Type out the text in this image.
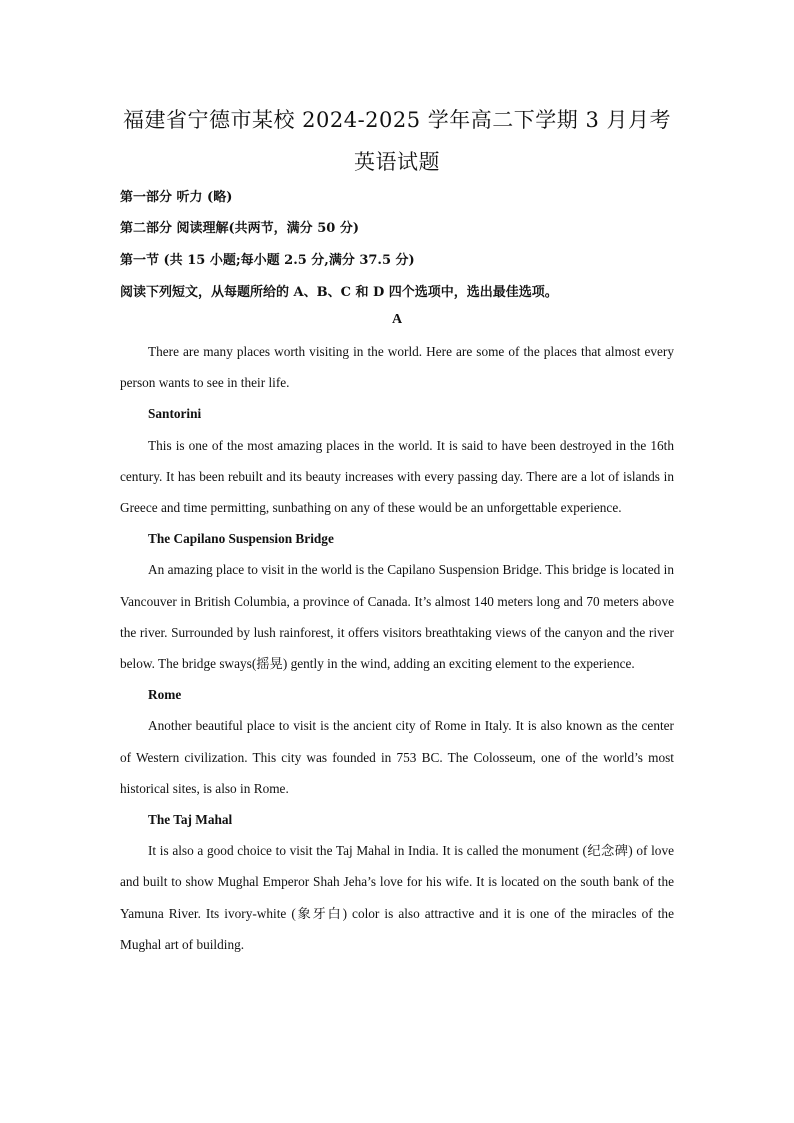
福建省宁德市某校 2024-2025 学年高二下学期 3 月月考
英语试题
第一部分 听力 (略)
第二部分 阅读理解(共两节，满分 50 分)
第一节 (共 15 小题;每小题 2.5 分,满分 37.5 分)
阅读下列短文，从每题所给的 A、B、C 和 D 四个选项中，选出最佳选项。
A

There are many places worth visiting in the world. Here are some of the places that almost every person wants to see in their life.

Santorini

This is one of the most amazing places in the world. It is said to have been destroyed in the 16th century. It has been rebuilt and its beauty increases with every passing day. There are a lot of islands in Greece and time permitting, sunbathing on any of these would be an unforgettable experience.

The Capilano Suspension Bridge

An amazing place to visit in the world is the Capilano Suspension Bridge. This bridge is located in Vancouver in British Columbia, a province of Canada. It’s almost 140 meters long and 70 meters above the river. Surrounded by lush rainforest, it offers visitors breathtaking views of the canyon and the river below. The bridge sways(摇晃) gently in the wind, adding an exciting element to the experience.

Rome

Another beautiful place to visit is the ancient city of Rome in Italy. It is also known as the center of Western civilization. This city was founded in 753 BC. The Colosseum, one of the world’s most historical sites, is also in Rome.

The Taj Mahal

It is also a good choice to visit the Taj Mahal in India. It is called the monument (纪念碑) of love and built to show Mughal Emperor Shah Jeha’s love for his wife. It is located on the south bank of the Yamuna River. Its ivory-white (象牙白) color is also attractive and it is one of the miracles of the Mughal art of building.
